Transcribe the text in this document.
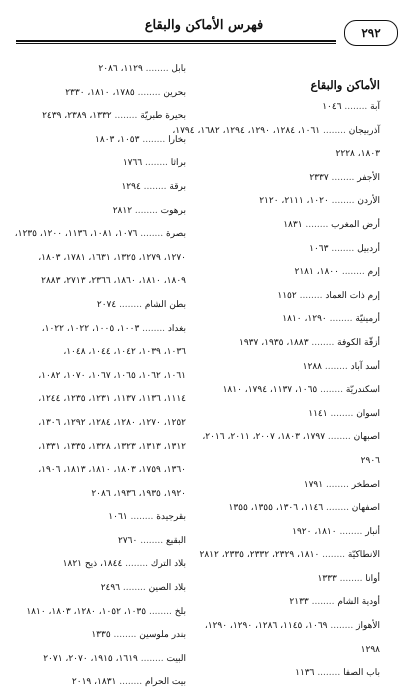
فهرس الأماكن والبقاع	٢٩٢
الأماكن والبقاع
آبة ........ ١٠٤٦
آذربيجان ........ ١٠٦١، ١٢٨٤، ١٢٩٠، ١٢٩٤، ١٦٨٢، ١٧٩٤،
١٨٠٣، ٢٢٢٨
الأجفر ........ ٢٣٣٧
الأردن ........ ١٠٢٠، ٢١١١، ٢١٢٠
أرض المغرب ........ ١٨٣١
أردبيل ........ ١٠٦٣
إرم ........ ١٨٠٠، ٢١٨١
إرم ذات العماد ........ ١١٥٢
أرمينيّة ........ ١٢٩٠، ١٨١٠
أزقّة الكوفة ........ ١٨٨٣، ١٩٣٥، ١٩٣٧
أسد آباد ........ ١٢٨٨
اسكندريّة ........ ١٠٦٥، ١١٣٧، ١٧٩٤، ١٨١٠
اسوان ........ ١١٤١
اصبهان ........ ١٧٩٧، ١٨٠٣، ٢٠٠٧، ٢٠١١، ٢٠١٦،
٢٩٠٦
اصطخر ........ ١٧٩١
اصفهان ........ ١١٤٦، ١٣٠٦، ١٣٥٥، ١٣٥٥
أنبار ........ ١٨١٠، ١٩٢٠
الانطاكيّة ........ ١٨١٠، ٢٣٢٩، ٢٣٣٢، ٢٣٣٥، ٢٨١٢
أوانا ........ ١٣٣٣
أودية الشام ........ ٢١٣٣
الأهواز ........ ١٠٦٩، ١١٤٥، ١٢٨٦، ١٢٩٠، ١٢٩٠،
١٢٩٨
باب الصفا ........ ١١٣٦
بابل ........ ١١٢٩، ٢٠٨٦
بحرين ........ ١٧٨٥، ١٨١٠، ٢٣٣٠
بحيرة طبريّة ........ ١٣٣٢، ٢٣٨٩، ٢٤٣٩
بخارا ........ ١٠٥٣، ١٨٠٣
براثا ........ ١٧٦٦
برقة ........ ١٢٩٤
برهوت ........ ٢٨١٢
بصرة ........ ١٠٧٦، ١٠٨١، ١١٣٦، ١٢٠٠، ١٢٣٥،
١٢٧٠، ١٢٧٩، ١٣٢٥، ١٦٣١، ١٧٨١، ١٨٠٣،
١٨٠٩، ١٨١٠، ١٨٦٠، ٢٣٦٦، ٢٧١٣، ٢٨٨٣
بطن الشام ........ ٢٠٧٤
بغداد ........ ١٠٠٣، ١٠٠٥، ١٠٢٢، ١٠٢٢،
١٠٣٦، ١٠٣٩، ١٠٤٢، ١٠٤٤، ١٠٤٨،
١٠٦١، ١٠٦٢، ١٠٦٥، ١٠٦٧، ١٠٧٠، ١٠٨٢،
١١١٤، ١١٣٦، ١١٣٧، ١٢٣١، ١٢٣٥، ١٢٤٤،
١٢٥٢، ١٢٧٠، ١٢٨٠، ١٢٨٤، ١٢٩٢، ١٣٠٦،
١٣١٢، ١٣١٣، ١٣٢٣، ١٣٢٨، ١٣٣٥، ١٣٣١،
١٣٦٠، ١٧٥٩، ١٨٠٣، ١٨١٠، ١٨١٣، ١٩٠٦،
١٩٢٠، ١٩٣٥، ١٩٣٦، ٢٠٨٦
بقرجيدة ........ ١٠٦١
البقيع ........ ٢٧٦٠
بلاد الترك ........ ١٨٤٤، ذيح ١٨٢١
بلاد الصين ........ ٢٤٩٦
بلخ ........ ١٠٣٥، ١٠٥٢، ١٢٨٠، ١٨٠٣، ١٨١٠
بندر ملوسين ........ ١٣٣٥
البيت ........ ١٦١٩، ١٩١٥، ٢٠٧٠، ٢٠٧١
بيت الحرام ........ ١٨٣١، ٢٠١٩
